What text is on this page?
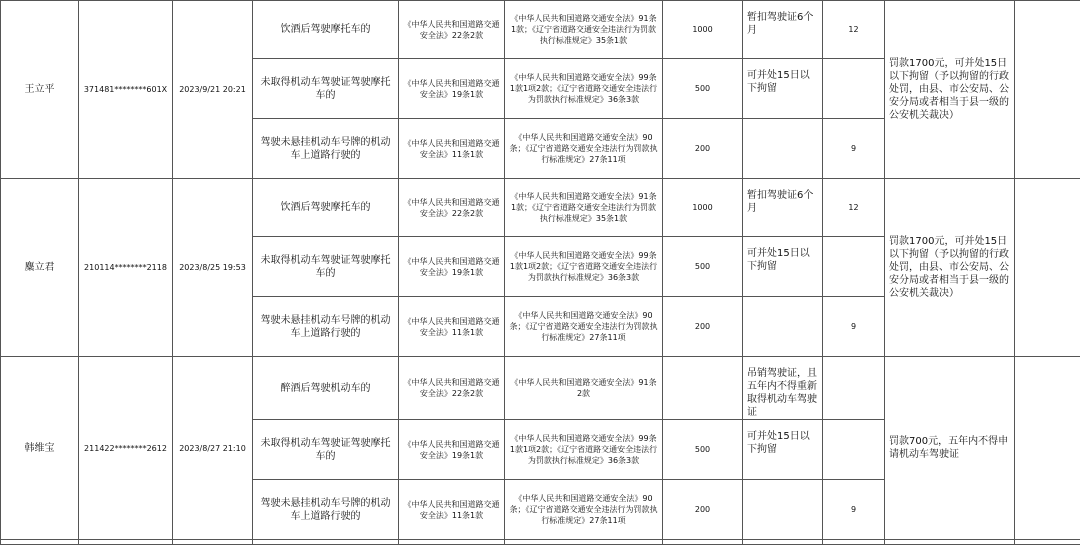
王立平	371481********601X	2023/9/21 20:21	饮酒后驾驶摩托车的	《中华人民共和国道路交通安全法》22条2款	《中华人民共和国道路交通安全法》91条1款；《辽宁省道路交通安全违法行为罚款执行标准规定》35条1款	1000	暂扣驾驶证6个月	12	罚款1700元，可并处15日以下拘留（予以拘留的行政处罚，由县、市公安局、公安分局或者相当于县一级的公安机关裁决）	
			未取得机动车驾驶证驾驶摩托车的	《中华人民共和国道路交通安全法》19条1款	《中华人民共和国道路交通安全法》99条1款1项2款；《辽宁省道路交通安全违法行为罚款执行标准规定》36条3款	500	可并处15日以下拘留			
			驾驶未悬挂机动车号牌的机动车上道路行驶的	《中华人民共和国道路交通安全法》11条1款	《中华人民共和国道路交通安全法》90条；《辽宁省道路交通安全违法行为罚款执行标准规定》27条11项	200		9		
麋立君	210114********2118	2023/8/25 19:53	饮酒后驾驶摩托车的	《中华人民共和国道路交通安全法》22条2款	《中华人民共和国道路交通安全法》91条1款；《辽宁省道路交通安全违法行为罚款执行标准规定》35条1款	1000	暂扣驾驶证6个月	12	罚款1700元，可并处15日以下拘留（予以拘留的行政处罚，由县、市公安局、公安分局或者相当于县一级的公安机关裁决）	
			未取得机动车驾驶证驾驶摩托车的	《中华人民共和国道路交通安全法》19条1款	《中华人民共和国道路交通安全法》99条1款1项2款；《辽宁省道路交通安全违法行为罚款执行标准规定》36条3款	500	可并处15日以下拘留			
			驾驶未悬挂机动车号牌的机动车上道路行驶的	《中华人民共和国道路交通安全法》11条1款	《中华人民共和国道路交通安全法》90条；《辽宁省道路交通安全违法行为罚款执行标准规定》27条11项	200		9		
韩维宝	211422********2612	2023/8/27 21:10	醉酒后驾驶机动车的	《中华人民共和国道路交通安全法》22条2款	《中华人民共和国道路交通安全法》91条2款		吊销驾驶证，且五年内不得重新取得机动车驾驶证		罚款700元，五年内不得申请机动车驾驶证	
			未取得机动车驾驶证驾驶摩托车的	《中华人民共和国道路交通安全法》19条1款	《中华人民共和国道路交通安全法》99条1款1项2款；《辽宁省道路交通安全违法行为罚款执行标准规定》36条3款	500	可并处15日以下拘留			
			驾驶未悬挂机动车号牌的机动车上道路行驶的	《中华人民共和国道路交通安全法》11条1款	《中华人民共和国道路交通安全法》90条；《辽宁省道路交通安全违法行为罚款执行标准规定》27条11项	200		9		
